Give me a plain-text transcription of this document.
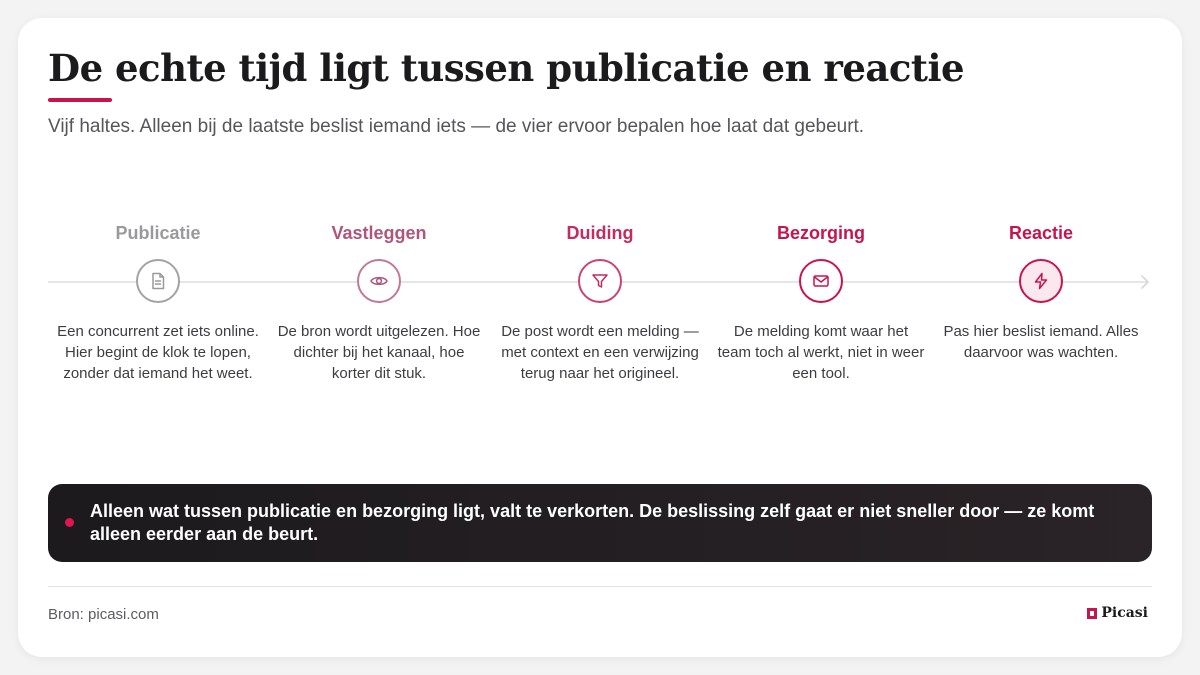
De echte tijd ligt tussen publicatie en reactie

Vijf haltes. Alleen bij de laatste beslist iemand iets — de vier ervoor bepalen hoe laat dat gebeurt.

Publicatie

Een concurrent zet iets online. Hier begint de klok te lopen, zonder dat iemand het weet.

Vastleggen

De bron wordt uitgelezen. Hoe dichter bij het kanaal, hoe korter dit stuk.

Duiding

De post wordt een melding — met context en een verwijzing terug naar het origineel.

Bezorging

De melding komt waar het team toch al werkt, niet in weer een tool.

Reactie

Pas hier beslist iemand. Alles daarvoor was wachten.

Alleen wat tussen publicatie en bezorging ligt, valt te verkorten. De beslissing zelf gaat er niet sneller door — ze komt alleen eerder aan de beurt.

Bron: picasi.com	Picasi
